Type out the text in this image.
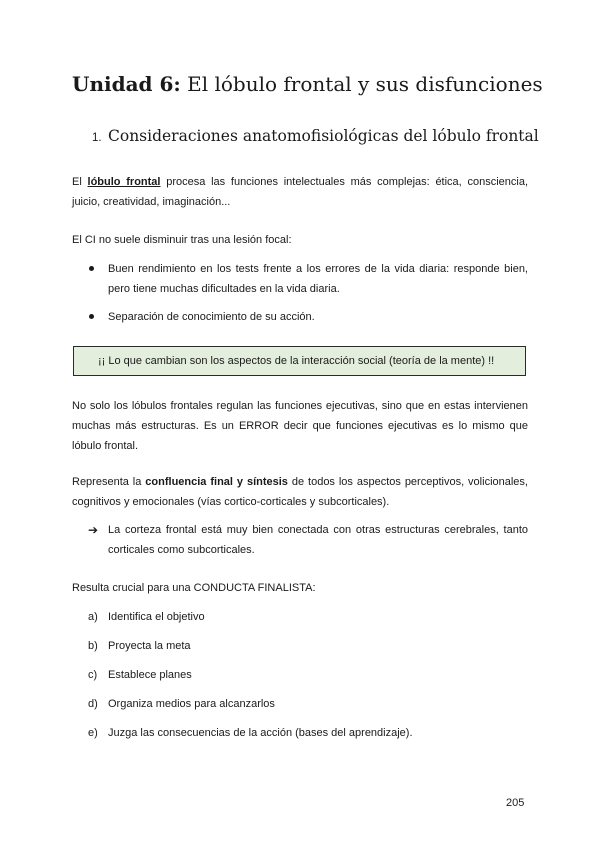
Unidad 6: El lóbulo frontal y sus disfunciones
1. Consideraciones anatomofisiológicas del lóbulo frontal

El lóbulo frontal procesa las funciones intelectuales más complejas: ética, consciencia, juicio, creatividad, imaginación...

El CI no suele disminuir tras una lesión focal:

Buen rendimiento en los tests frente a los errores de la vida diaria: responde bien, pero tiene muchas dificultades en la vida diaria.

Separación de conocimiento de su acción.

¡¡ Lo que cambian son los aspectos de la interacción social (teoría de la mente) !!

No solo los lóbulos frontales regulan las funciones ejecutivas, sino que en estas intervienen muchas más estructuras. Es un ERROR decir que funciones ejecutivas es lo mismo que lóbulo frontal.

Representa la confluencia final y síntesis de todos los aspectos perceptivos, volicionales, cognitivos y emocionales (vías cortico-corticales y subcorticales).

➔ La corteza frontal está muy bien conectada con otras estructuras cerebrales, tanto corticales como subcorticales.

Resulta crucial para una CONDUCTA FINALISTA:

a) Identifica el objetivo

b) Proyecta la meta

c) Establece planes

d) Organiza medios para alcanzarlos

e) Juzga las consecuencias de la acción (bases del aprendizaje).

205
